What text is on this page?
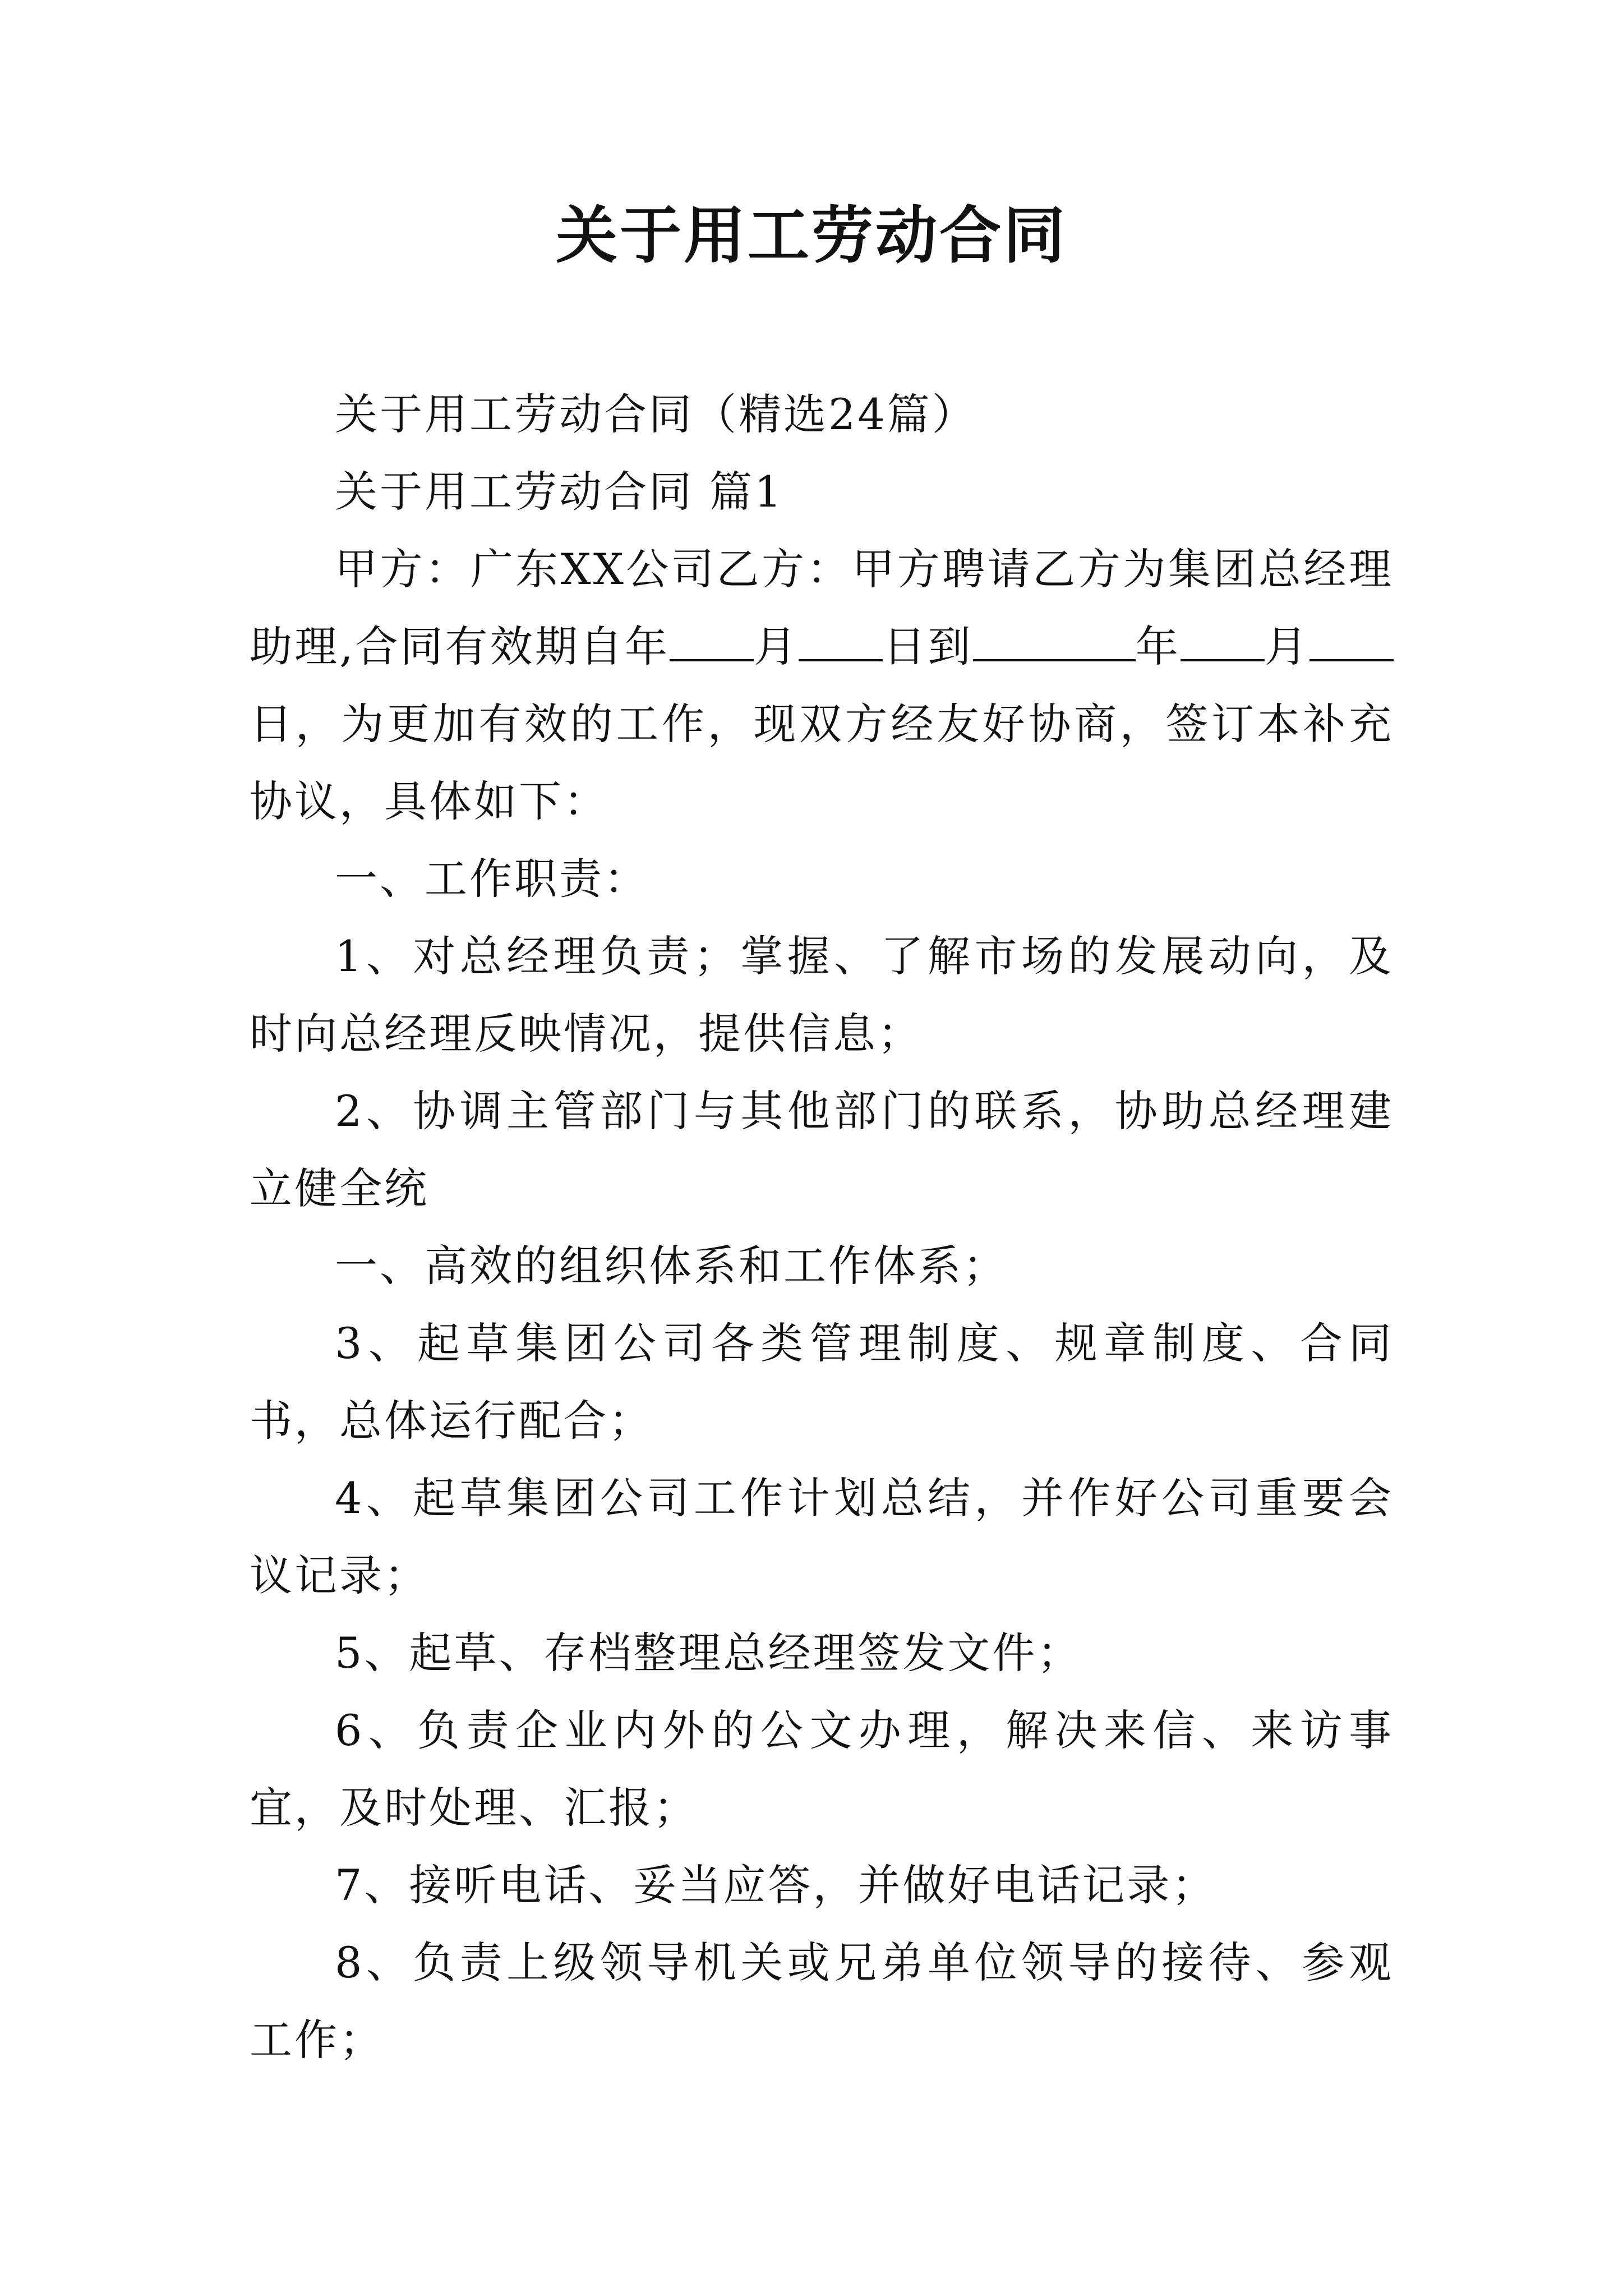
关于用工劳动合同

关于用工劳动合同（精选24篇）

关于用工劳动合同 篇1

甲方：广东XX公司乙方：甲方聘请乙方为集团总经理助理,合同有效期自年 月 日到	年 月日，为更加有效的工作，现双方经友好协商，签订本补充协议，具体如下：

一、工作职责：

1、对总经理负责；掌握、了解市场的发展动向，及时向总经理反映情况，提供信息；

2、协调主管部门与其他部门的联系，协助总经理建立健全统

一、高效的组织体系和工作体系；

3、起草集团公司各类管理制度、规章制度、合同书，总体运行配合；

4、起草集团公司工作计划总结，并作好公司重要会议记录；

5、起草、存档整理总经理签发文件；

6、负责企业内外的公文办理，解决来信、来访事宜，及时处理、汇报；

7、接听电话、妥当应答，并做好电话记录；

8、负责上级领导机关或兄弟单位领导的接待、参观工作；
